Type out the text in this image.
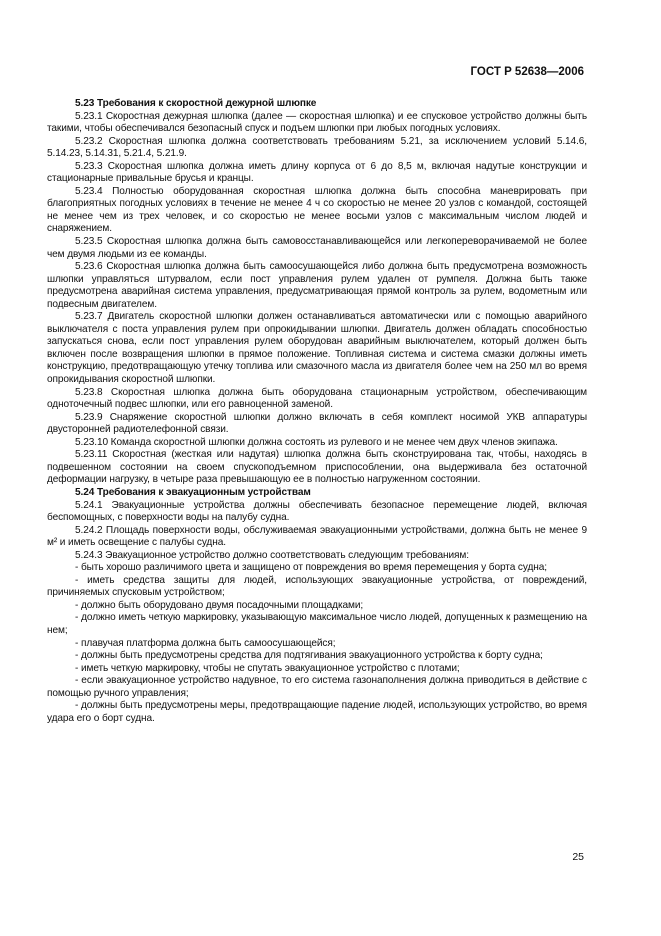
ГОСТ Р 52638—2006

5.23 Требования к скоростной дежурной шлюпке

5.23.1 Скоростная дежурная шлюпка (далее — скоростная шлюпка) и ее спусковое устройство должны быть такими, чтобы обеспечивался безопасный спуск и подъем шлюпки при любых погодных условиях.

5.23.2 Скоростная шлюпка должна соответствовать требованиям 5.21, за исключением условий 5.14.6, 5.14.23, 5.14.31, 5.21.4, 5.21.9.

5.23.3 Скоростная шлюпка должна иметь длину корпуса от 6 до 8,5 м, включая надутые конструкции и стационарные привальные брусья и кранцы.

5.23.4 Полностью оборудованная скоростная шлюпка должна быть способна маневрировать при благоприятных погодных условиях в течение не менее 4 ч со скоростью не менее 20 узлов с командой, состоящей не менее чем из трех человек, и со скоростью не менее восьми узлов с максимальным числом людей и снаряжением.

5.23.5 Скоростная шлюпка должна быть самовосстанавливающейся или легкопереворачиваемой не более чем двумя людьми из ее команды.

5.23.6 Скоростная шлюпка должна быть самоосушающейся либо должна быть предусмотрена возможность шлюпки управляться штурвалом, если пост управления рулем удален от румпеля. Должна быть также предусмотрена аварийная система управления, предусматривающая прямой контроль за рулем, водометным или подвесным двигателем.

5.23.7 Двигатель скоростной шлюпки должен останавливаться автоматически или с помощью аварийного выключателя с поста управления рулем при опрокидывании шлюпки. Двигатель должен обладать способностью запускаться снова, если пост управления рулем оборудован аварийным выключателем, который должен быть включен после возвращения шлюпки в прямое положение. Топливная система и система смазки должны иметь конструкцию, предотвращающую утечку топлива или смазочного масла из двигателя более чем на 250 мл во время опрокидывания скоростной шлюпки.

5.23.8 Скоростная шлюпка должна быть оборудована стационарным устройством, обеспечивающим одноточечный подвес шлюпки, или его равноценной заменой.

5.23.9 Снаряжение скоростной шлюпки должно включать в себя комплект носимой УКВ аппаратуры двусторонней радиотелефонной связи.

5.23.10 Команда скоростной шлюпки должна состоять из рулевого и не менее чем двух членов экипажа.

5.23.11 Скоростная (жесткая или надутая) шлюпка должна быть сконструирована так, чтобы, находясь в подвешенном состоянии на своем спускоподъемном приспособлении, она выдерживала без остаточной деформации нагрузку, в четыре раза превышающую ее в полностью нагруженном состоянии.

5.24 Требования к эвакуационным устройствам

5.24.1 Эвакуационные устройства должны обеспечивать безопасное перемещение людей, включая беспомощных, с поверхности воды на палубу судна.

5.24.2 Площадь поверхности воды, обслуживаемая эвакуационными устройствами, должна быть не менее 9 м² и иметь освещение с палубы судна.

5.24.3 Эвакуационное устройство должно соответствовать следующим требованиям:

- быть хорошо различимого цвета и защищено от повреждения во время перемещения у борта судна;

- иметь средства защиты для людей, использующих эвакуационные устройства, от повреждений, причиняемых спусковым устройством;

- должно быть оборудовано двумя посадочными площадками;

- должно иметь четкую маркировку, указывающую максимальное число людей, допущенных к размещению на нем;

- плавучая платформа должна быть самоосушающейся;

- должны быть предусмотрены средства для подтягивания эвакуационного устройства к борту судна;

- иметь четкую маркировку, чтобы не спутать эвакуационное устройство с плотами;

- если эвакуационное устройство надувное, то его система газонаполнения должна приводиться в действие с помощью ручного управления;

- должны быть предусмотрены меры, предотвращающие падение людей, использующих устройство, во время удара его о борт судна.

25
